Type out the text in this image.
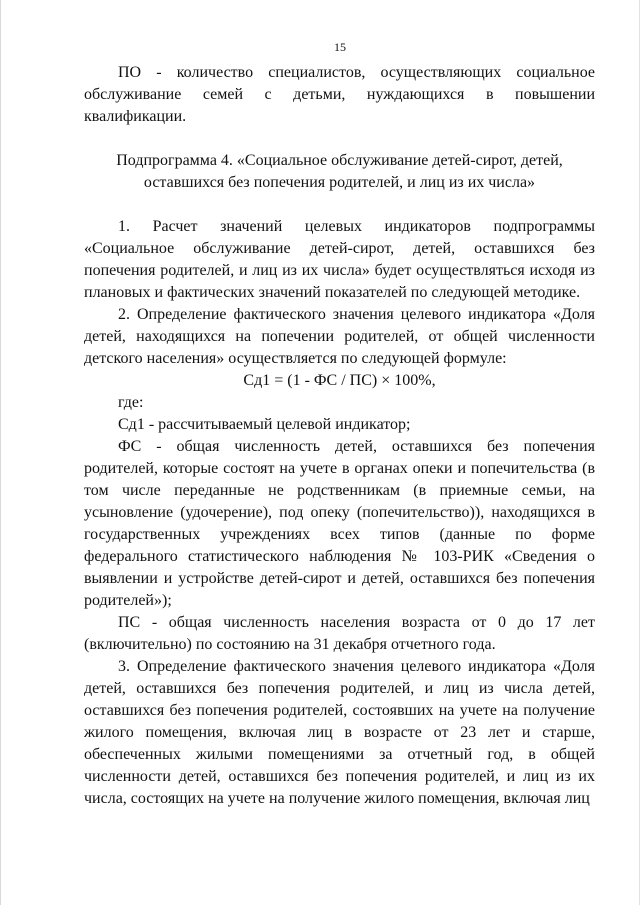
15

ПО - количество специалистов, осуществляющих социальное обслуживание семей с детьми, нуждающихся в повышении квалификации.

Подпрограмма 4. «Социальное обслуживание детей-сирот, детей,
оставшихся без попечения родителей, и лиц из их числа»

1. Расчет значений целевых индикаторов подпрограммы «Социальное обслуживание детей-сирот, детей, оставшихся без попечения родителей, и лиц из их числа» будет осуществляться исходя из плановых и фактических значений показателей по следующей методике.

2. Определение фактического значения целевого индикатора «Доля детей, находящихся на попечении родителей, от общей численности детского населения» осуществляется по следующей формуле:

Сд1 = (1 - ФС / ПС) × 100%,

где:

Сд1 - рассчитываемый целевой индикатор;

ФС - общая численность детей, оставшихся без попечения родителей, которые состоят на учете в органах опеки и попечительства (в том числе переданные не родственникам (в приемные семьи, на усыновление (удочерение), под опеку (попечительство)), находящихся в государственных учреждениях всех типов (данные по форме федерального статистического наблюдения № 103-РИК «Сведения о выявлении и устройстве детей-сирот и детей, оставшихся без попечения родителей»);

ПС - общая численность населения возраста от 0 до 17 лет (включительно) по состоянию на 31 декабря отчетного года.

3. Определение фактического значения целевого индикатора «Доля детей, оставшихся без попечения родителей, и лиц из числа детей, оставшихся без попечения родителей, состоявших на учете на получение жилого помещения, включая лиц в возрасте от 23 лет и старше, обеспеченных жилыми помещениями за отчетный год, в общей численности детей, оставшихся без попечения родителей, и лиц из их числа, состоящих на учете на получение жилого помещения, включая лиц
